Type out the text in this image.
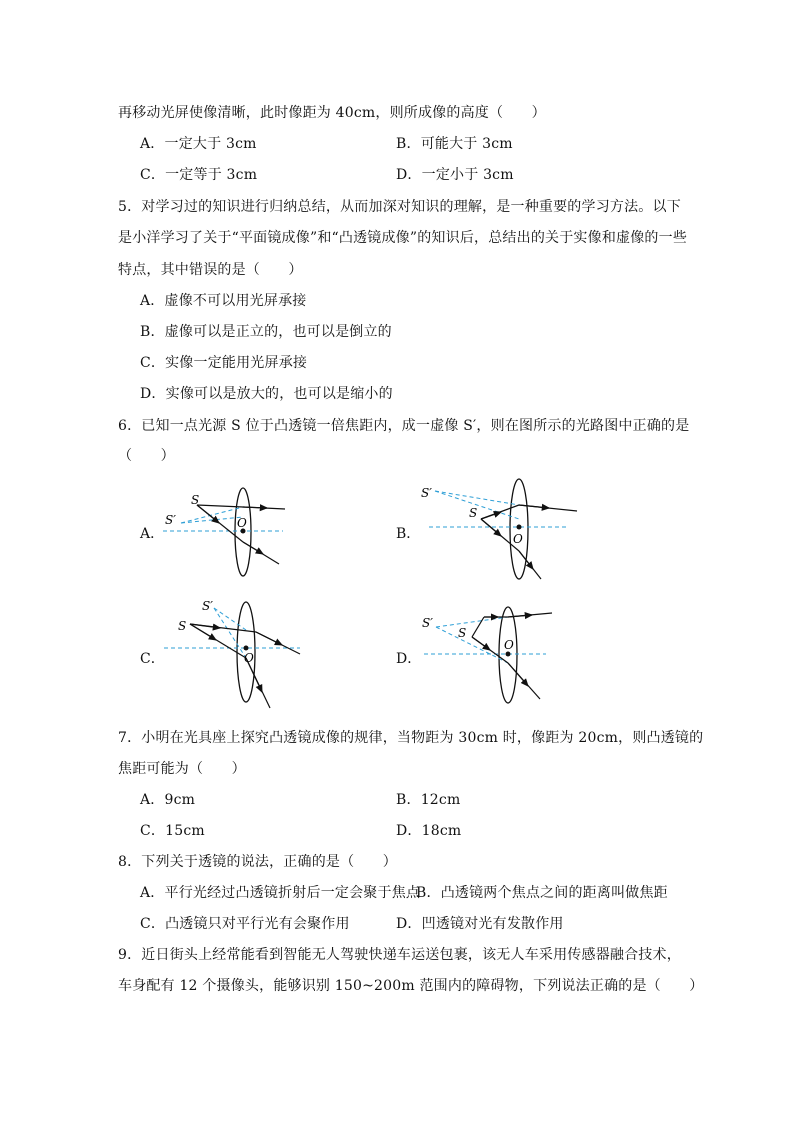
再移动光屏使像清晰，此时像距为 40cm，则所成像的高度（　　）
A．一定大于 3cm	B．可能大于 3cm
C．一定等于 3cm	D．一定小于 3cm
5．对学习过的知识进行归纳总结，从而加深对知识的理解，是一种重要的学习方法。以下
是小洋学习了关于“平面镜成像”和“凸透镜成像”的知识后，总结出的关于实像和虚像的一些
特点，其中错误的是（　　）
A．虚像不可以用光屏承接
B．虚像可以是正立的，也可以是倒立的
C．实像一定能用光屏承接
D．实像可以是放大的，也可以是缩小的
6．已知一点光源 S 位于凸透镜一倍焦距内，成一虚像 S′，则在图所示的光路图中正确的是
（　　）
A．
S
S′	O
B．
S′
S
O
C．
S′
S
O	D．
S′
S
O
7．小明在光具座上探究凸透镜成像的规律，当物距为 30cm 时，像距为 20cm，则凸透镜的
焦距可能为（　　）
A．9cm	B．12cm
C．15cm	D．18cm
8．下列关于透镜的说法，正确的是（　　）
A．平行光经过凸透镜折射后一定会聚于焦点
B．凸透镜两个焦点之间的距离叫做焦距
C．凸透镜只对平行光有会聚作用	D．凹透镜对光有发散作用
9．近日街头上经常能看到智能无人驾驶快递车运送包裹，该无人车采用传感器融合技术，
车身配有 12 个摄像头，能够识别 150~200m 范围内的障碍物，下列说法正确的是（　　）
